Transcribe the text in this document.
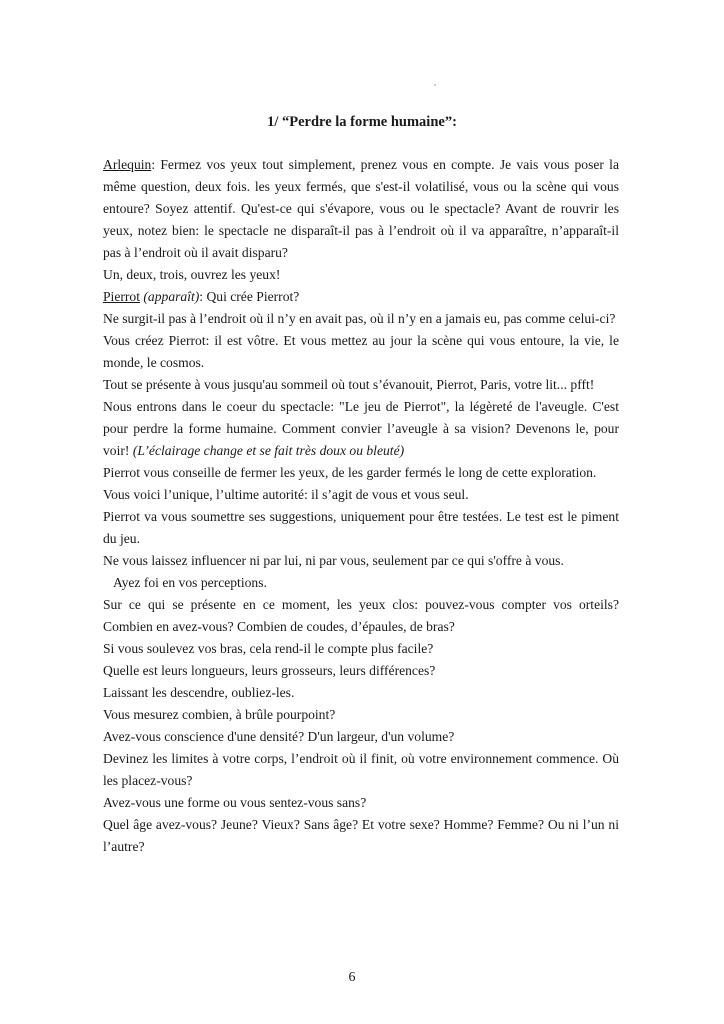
1/ “Perdre la forme humaine”:

Arlequin: Fermez vos yeux tout simplement, prenez vous en compte. Je vais vous poser la même question, deux fois. les yeux fermés, que s'est-il volatilisé, vous ou la scène qui vous entoure? Soyez attentif. Qu'est-ce qui s'évapore, vous ou le spectacle? Avant de rouvrir les yeux, notez bien: le spectacle ne disparaît-il pas à l’endroit où il va apparaître, n’apparaît-il pas à l’endroit où il avait disparu?

Un, deux, trois, ouvrez les yeux!

Pierrot (apparaît): Qui crée Pierrot?

Ne surgit-il pas à l’endroit où il n’y en avait pas, où il n’y en a jamais eu, pas comme celui-ci?

Vous créez Pierrot: il est vôtre. Et vous mettez au jour la scène qui vous entoure, la vie, le monde, le cosmos.

Tout se présente à vous jusqu'au sommeil où tout s’évanouit, Pierrot, Paris, votre lit... pfft!

Nous entrons dans le coeur du spectacle: "Le jeu de Pierrot", la légèreté de l'aveugle. C'est pour perdre la forme humaine. Comment convier l’aveugle à sa vision? Devenons le, pour voir! (L’éclairage change et se fait très doux ou bleuté)

Pierrot vous conseille de fermer les yeux, de les garder fermés le long de cette exploration.

Vous voici l’unique, l’ultime autorité: il s’agit de vous et vous seul.

Pierrot va vous soumettre ses suggestions, uniquement pour être testées. Le test est le piment du jeu.

Ne vous laissez influencer ni par lui, ni par vous, seulement par ce qui s'offre à vous.

Ayez foi en vos perceptions.

Sur ce qui se présente en ce moment, les yeux clos: pouvez-vous compter vos orteils? Combien en avez-vous? Combien de coudes, d’épaules, de bras?

Si vous soulevez vos bras, cela rend-il le compte plus facile?

Quelle est leurs longueurs, leurs grosseurs, leurs différences?

Laissant les descendre, oubliez-les.

Vous mesurez combien, à brûle pourpoint?

Avez-vous conscience d'une densité? D'un largeur, d'un volume?

Devinez les limites à votre corps, l’endroit où il finit, où votre environnement commence. Où les placez-vous?

Avez-vous une forme ou vous sentez-vous sans?

Quel âge avez-vous? Jeune? Vieux? Sans âge? Et votre sexe? Homme? Femme? Ou ni l’un ni l’autre?

6
